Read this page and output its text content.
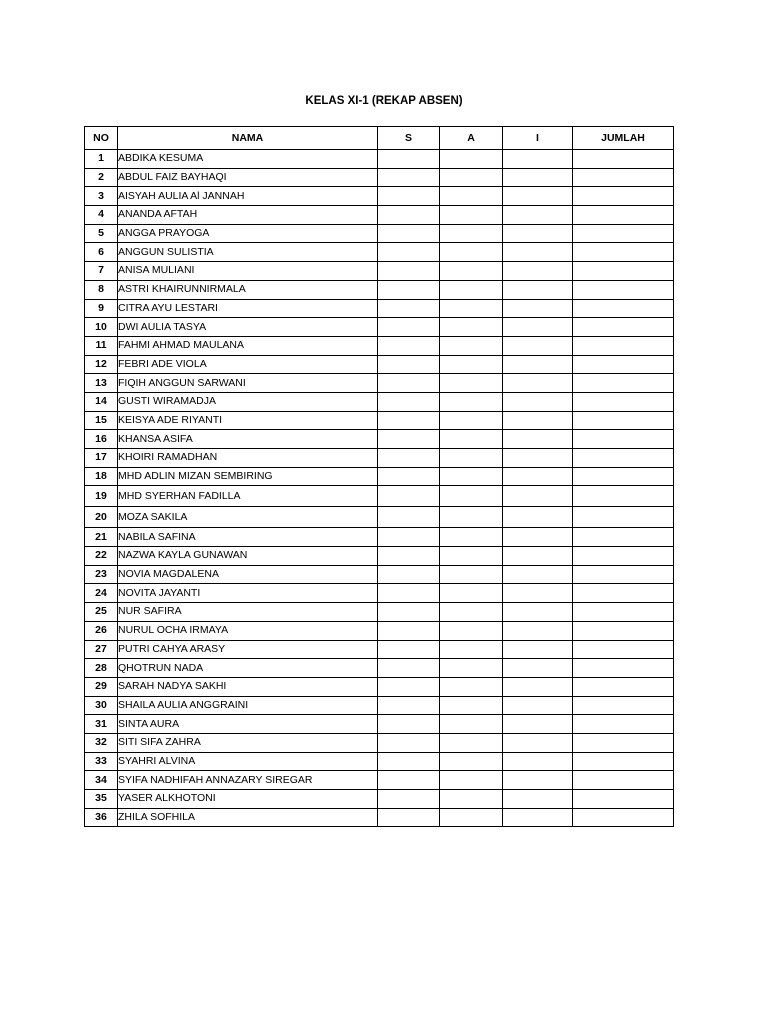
KELAS XI-1 (REKAP ABSEN)
NO	NAMA	S	A	I	JUMLAH
1	ABDIKA KESUMA				
2	ABDUL FAIZ BAYHAQI				
3	AISYAH AULIA Al JANNAH				
4	ANANDA AFTAH				
5	ANGGA PRAYOGA				
6	ANGGUN SULISTIA				
7	ANISA MULIANI				
8	ASTRI KHAIRUNNIRMALA				
9	CITRA AYU LESTARI				
10	DWI AULIA TASYA				
11	FAHMI AHMAD MAULANA				
12	FEBRI ADE VIOLA				
13	FIQIH ANGGUN SARWANI				
14	GUSTI WIRAMADJA				
15	KEISYA ADE RIYANTI				
16	KHANSA ASIFA				
17	KHOIRI RAMADHAN				
18	MHD ADLIN MIZAN SEMBIRING				
19	MHD SYERHAN FADILLA				
20	MOZA SAKILA				
21	NABILA SAFINA				
22	NAZWA KAYLA GUNAWAN				
23	NOVIA MAGDALENA				
24	NOVITA JAYANTI				
25	NUR SAFIRA				
26	NURUL OCHA IRMAYA				
27	PUTRI CAHYA ARASY				
28	QHOTRUN NADA				
29	SARAH NADYA SAKHI				
30	SHAILA AULIA ANGGRAINI				
31	SINTA AURA				
32	SITI SIFA ZAHRA				
33	SYAHRI ALVINA				
34	SYIFA NADHIFAH ANNAZARY SIREGAR				
35	YASER ALKHOTONI				
36	ZHILA SOFHILA				
